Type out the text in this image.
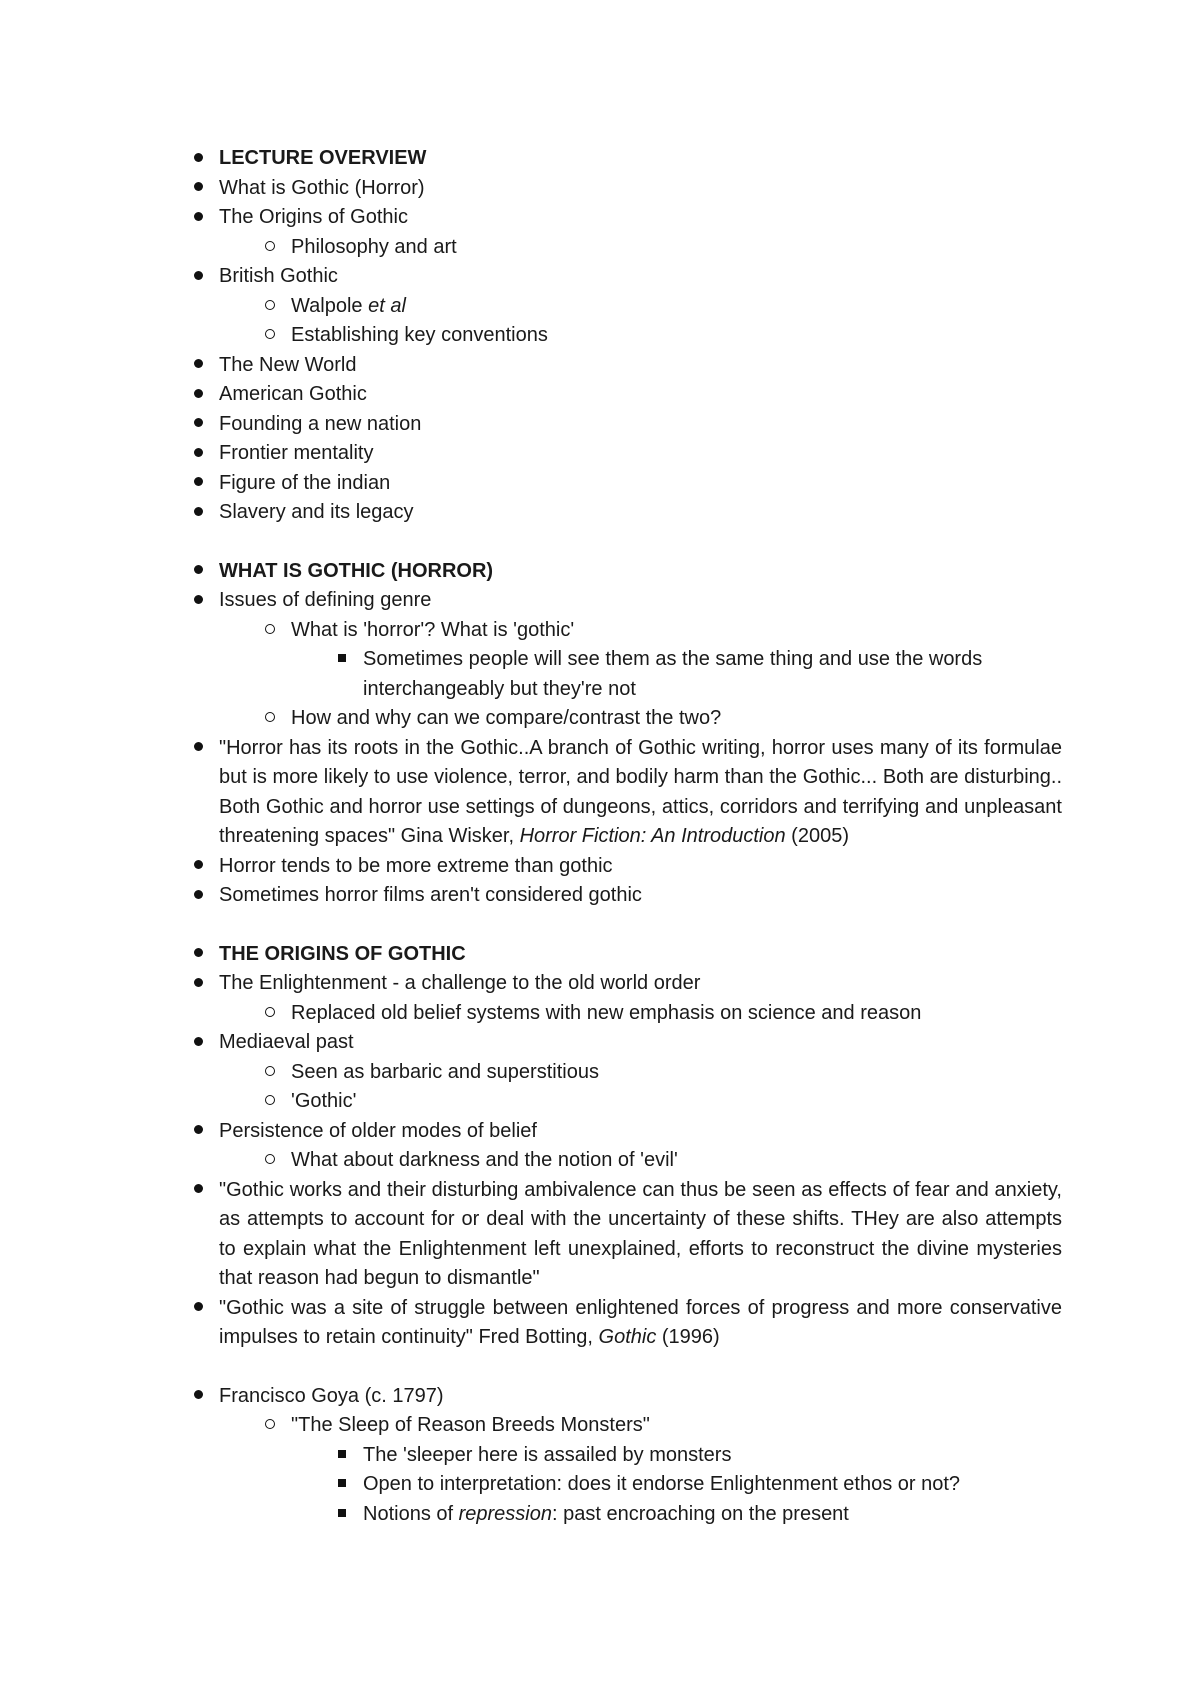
LECTURE OVERVIEW
What is Gothic (Horror)
The Origins of Gothic
Philosophy and art
British Gothic
Walpole et al
Establishing key conventions
The New World
American Gothic
Founding a new nation
Frontier mentality
Figure of the indian
Slavery and its legacy
WHAT IS GOTHIC (HORROR)
Issues of defining genre
What is 'horror'? What is 'gothic'
Sometimes people will see them as the same thing and use the words interchangeably but they're not
How and why can we compare/contrast the two?
"Horror has its roots in the Gothic..A branch of Gothic writing, horror uses many of its formulae but is more likely to use violence, terror, and bodily harm than the Gothic... Both are disturbing.. Both Gothic and horror use settings of dungeons, attics, corridors and terrifying and unpleasant threatening spaces" Gina Wisker, Horror Fiction: An Introduction (2005)
Horror tends to be more extreme than gothic
Sometimes horror films aren't considered gothic
THE ORIGINS OF GOTHIC
The Enlightenment - a challenge to the old world order
Replaced old belief systems with new emphasis on science and reason
Mediaeval past
Seen as barbaric and superstitious
'Gothic'
Persistence of older modes of belief
What about darkness and the notion of 'evil'
"Gothic works and their disturbing ambivalence can thus be seen as effects of fear and anxiety, as attempts to account for or deal with the uncertainty of these shifts. THey are also attempts to explain what the Enlightenment left unexplained, efforts to reconstruct the divine mysteries that reason had begun to dismantle"
"Gothic was a site of struggle between enlightened forces of progress and more conservative impulses to retain continuity" Fred Botting, Gothic (1996)
Francisco Goya (c. 1797)
"The Sleep of Reason Breeds Monsters"
The 'sleeper here is assailed by monsters
Open to interpretation: does it endorse Enlightenment ethos or not?
Notions of repression: past encroaching on the present
